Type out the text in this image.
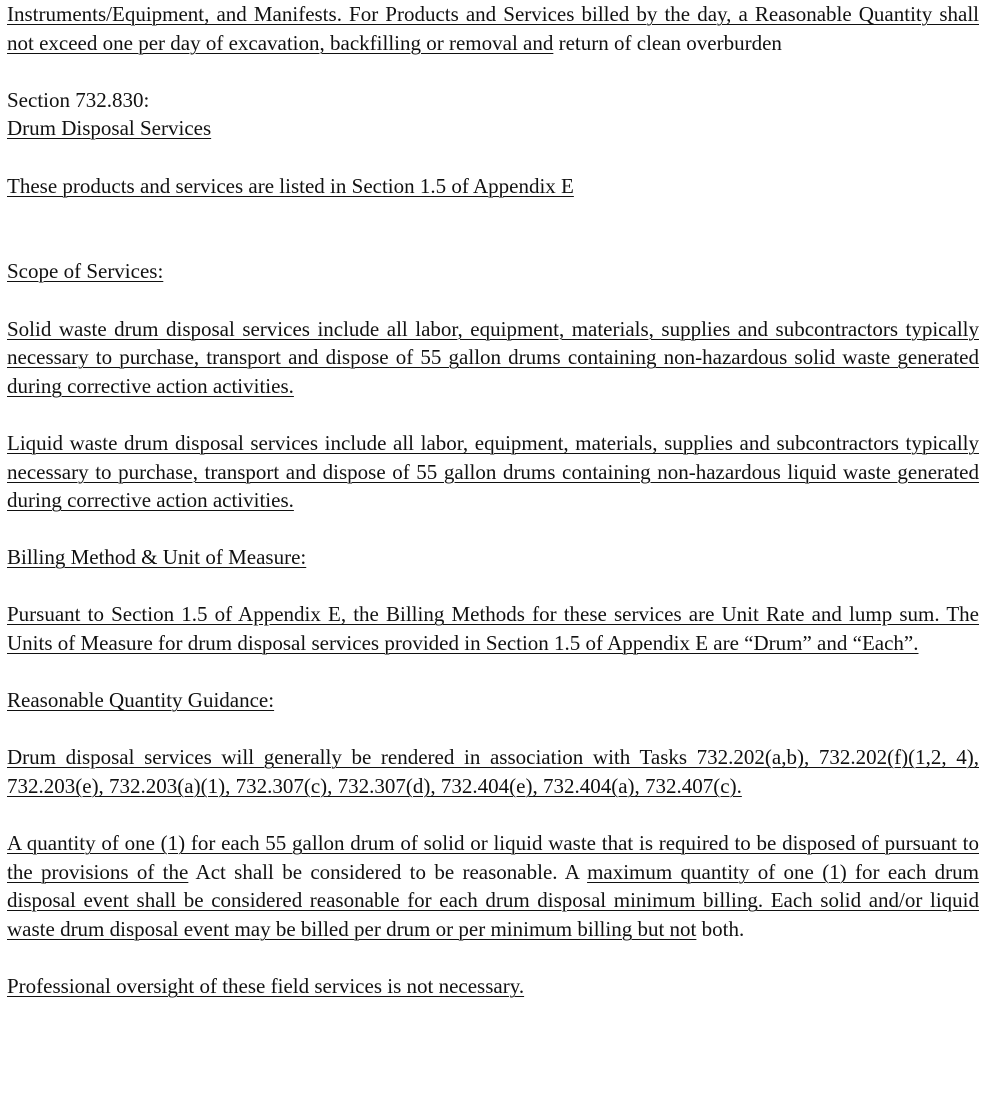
Instruments/Equipment, and Manifests. For Products and Services billed by the day, a Reasonable Quantity shall not exceed one per day of excavation, backfilling or removal and return of clean overburden

Section 732.830:

Drum Disposal Services

These products and services are listed in Section 1.5 of Appendix E

Scope of Services:

Solid waste drum disposal services include all labor, equipment, materials, supplies and subcontractors typically necessary to purchase, transport and dispose of 55 gallon drums containing non-hazardous solid waste generated during corrective action activities.

Liquid waste drum disposal services include all labor, equipment, materials, supplies and subcontractors typically necessary to purchase, transport and dispose of 55 gallon drums containing non-hazardous liquid waste generated during corrective action activities.

Billing Method & Unit of Measure:

Pursuant to Section 1.5 of Appendix E, the Billing Methods for these services are Unit Rate and lump sum. The Units of Measure for drum disposal services provided in Section 1.5 of Appendix E are “Drum” and “Each”.

Reasonable Quantity Guidance:

Drum disposal services will generally be rendered in association with Tasks 732.202(a,b), 732.202(f)(1,2, 4), 732.203(e), 732.203(a)(1), 732.307(c), 732.307(d), 732.404(e), 732.404(a), 732.407(c).

A quantity of one (1) for each 55 gallon drum of solid or liquid waste that is required to be disposed of pursuant to the provisions of the Act shall be considered to be reasonable. A maximum quantity of one (1) for each drum disposal event shall be considered reasonable for each drum disposal minimum billing. Each solid and/or liquid waste drum disposal event may be billed per drum or per minimum billing but not both.

Professional oversight of these field services is not necessary.
